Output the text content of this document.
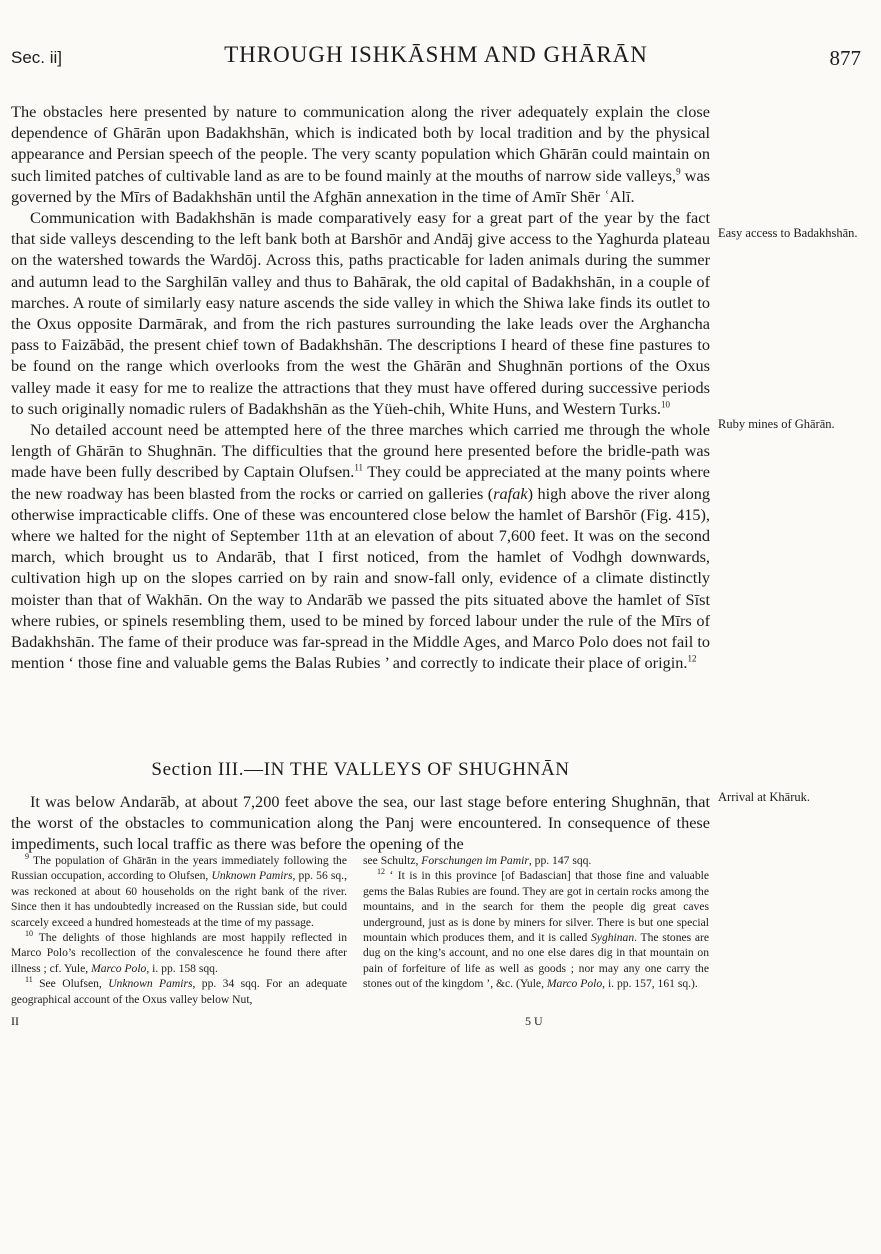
Sec. ii]	THROUGH ISHKĀSHM AND GHĀRĀN	877

The obstacles here presented by nature to communication along the river adequately explain the close dependence of Ghārān upon Badakhshān, which is indicated both by local tradition and by the physical appearance and Persian speech of the people. The very scanty population which Ghārān could maintain on such limited patches of cultivable land as are to be found mainly at the mouths of narrow side valleys,$^9$ was governed by the Mīrs of Badakhshān until the Afghān annexation in the time of Amīr Shēr ʿAlī.

Communication with Badakhshān is made comparatively easy for a great part of the year by the fact that side valleys descending to the left bank both at Barshōr and Andāj give access to the Yaghurda plateau on the watershed towards the Wardōj. Across this, paths practicable for laden animals during the summer and autumn lead to the Sarghilān valley and thus to Bahārak, the old capital of Badakhshān, in a couple of marches. A route of similarly easy nature ascends the side valley in which the Shiwa lake finds its outlet to the Oxus opposite Darmārak, and from the rich pastures surrounding the lake leads over the Arghancha pass to Faizābād, the present chief town of Badakhshān. The descriptions I heard of these fine pastures to be found on the range which overlooks from the west the Ghārān and Shughnān portions of the Oxus valley made it easy for me to realize the attractions that they must have offered during successive periods to such originally nomadic rulers of Badakhshān as the Yüeh-chih, White Huns, and Western Turks.$^{10}$

No detailed account need be attempted here of the three marches which carried me through the whole length of Ghārān to Shughnān. The difficulties that the ground here presented before the bridle-path was made have been fully described by Captain Olufsen.$^{11}$ They could be appreciated at the many points where the new roadway has been blasted from the rocks or carried on galleries (rafak) high above the river along otherwise impracticable cliffs. One of these was encountered close below the hamlet of Barshōr (Fig. 415), where we halted for the night of September 11th at an elevation of about 7,600 feet. It was on the second march, which brought us to Andarāb, that I first noticed, from the hamlet of Vodhgh downwards, cultivation high up on the slopes carried on by rain and snow-fall only, evidence of a climate distinctly moister than that of Wakhān. On the way to Andarāb we passed the pits situated above the hamlet of Sīst where rubies, or spinels resembling them, used to be mined by forced labour under the rule of the Mīrs of Badakhshān. The fame of their produce was far-spread in the Middle Ages, and Marco Polo does not fail to mention ‘ those fine and valuable gems the Balas Rubies ’ and correctly to indicate their place of origin.$^{12}$

Section III.—IN THE VALLEYS OF SHUGHNĀN

It was below Andarāb, at about 7,200 feet above the sea, our last stage before entering Shughnān, that the worst of the obstacles to communication along the Panj were encountered. In consequence of these impediments, such local traffic as there was before the opening of the

Easy access to Badakhshān.
Ruby mines of Ghārān.
Arrival at Khāruk.

$^9$ The population of Ghārān in the years immediately following the Russian occupation, according to Olufsen, Unknown Pamirs, pp. 56 sq., was reckoned at about 60 households on the right bank of the river. Since then it has undoubtedly increased on the Russian side, but could scarcely exceed a hundred homesteads at the time of my passage.

$^{10}$ The delights of those highlands are most happily reflected in Marco Polo’s recollection of the convalescence he found there after illness ; cf. Yule, Marco Polo, i. pp. 158 sqq.

$^{11}$ See Olufsen, Unknown Pamirs, pp. 34 sqq. For an adequate geographical account of the Oxus valley below Nut,

see Schultz, Forschungen im Pamir, pp. 147 sqq.

$^{12}$ ‘ It is in this province [of Badascian] that those fine and valuable gems the Balas Rubies are found. They are got in certain rocks among the mountains, and in the search for them the people dig great caves underground, just as is done by miners for silver. There is but one special mountain which produces them, and it is called Syghinan. The stones are dug on the king’s account, and no one else dares dig in that mountain on pain of forfeiture of life as well as goods ; nor may any one carry the stones out of the kingdom ’, &c. (Yule, Marco Polo, i. pp. 157, 161 sq.).

II	5 U
